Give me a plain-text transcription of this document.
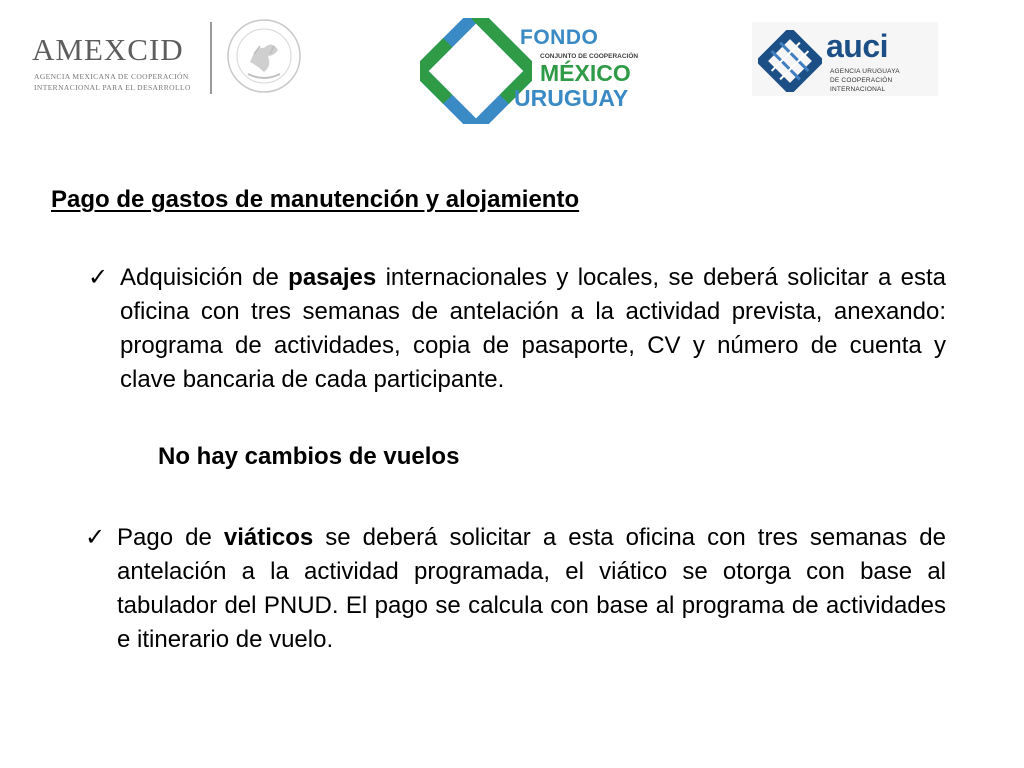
AMEXCID
AGENCIA MEXICANA DE COOPERACIÓN
INTERNACIONAL PARA EL DESARROLLO
FONDO
CONJUNTO DE COOPERACIÓN
MÉXICO
URUGUAY
auci
AGENCIA URUGUAYA
DE COOPERACIÓN
INTERNACIONAL
Pago de gastos de manutención y alojamiento
✓ Adquisición de pasajes internacionales y locales, se deberá solicitar a esta oficina con tres semanas de antelación a la actividad prevista, anexando: programa de actividades, copia de pasaporte, CV y número de cuenta y clave bancaria de cada participante.
No hay cambios de vuelos
✓ Pago de viáticos se deberá solicitar a esta oficina con tres semanas de antelación a la actividad programada, el viático se otorga con base al tabulador del PNUD. El pago se calcula con base al programa de actividades e itinerario de vuelo.
